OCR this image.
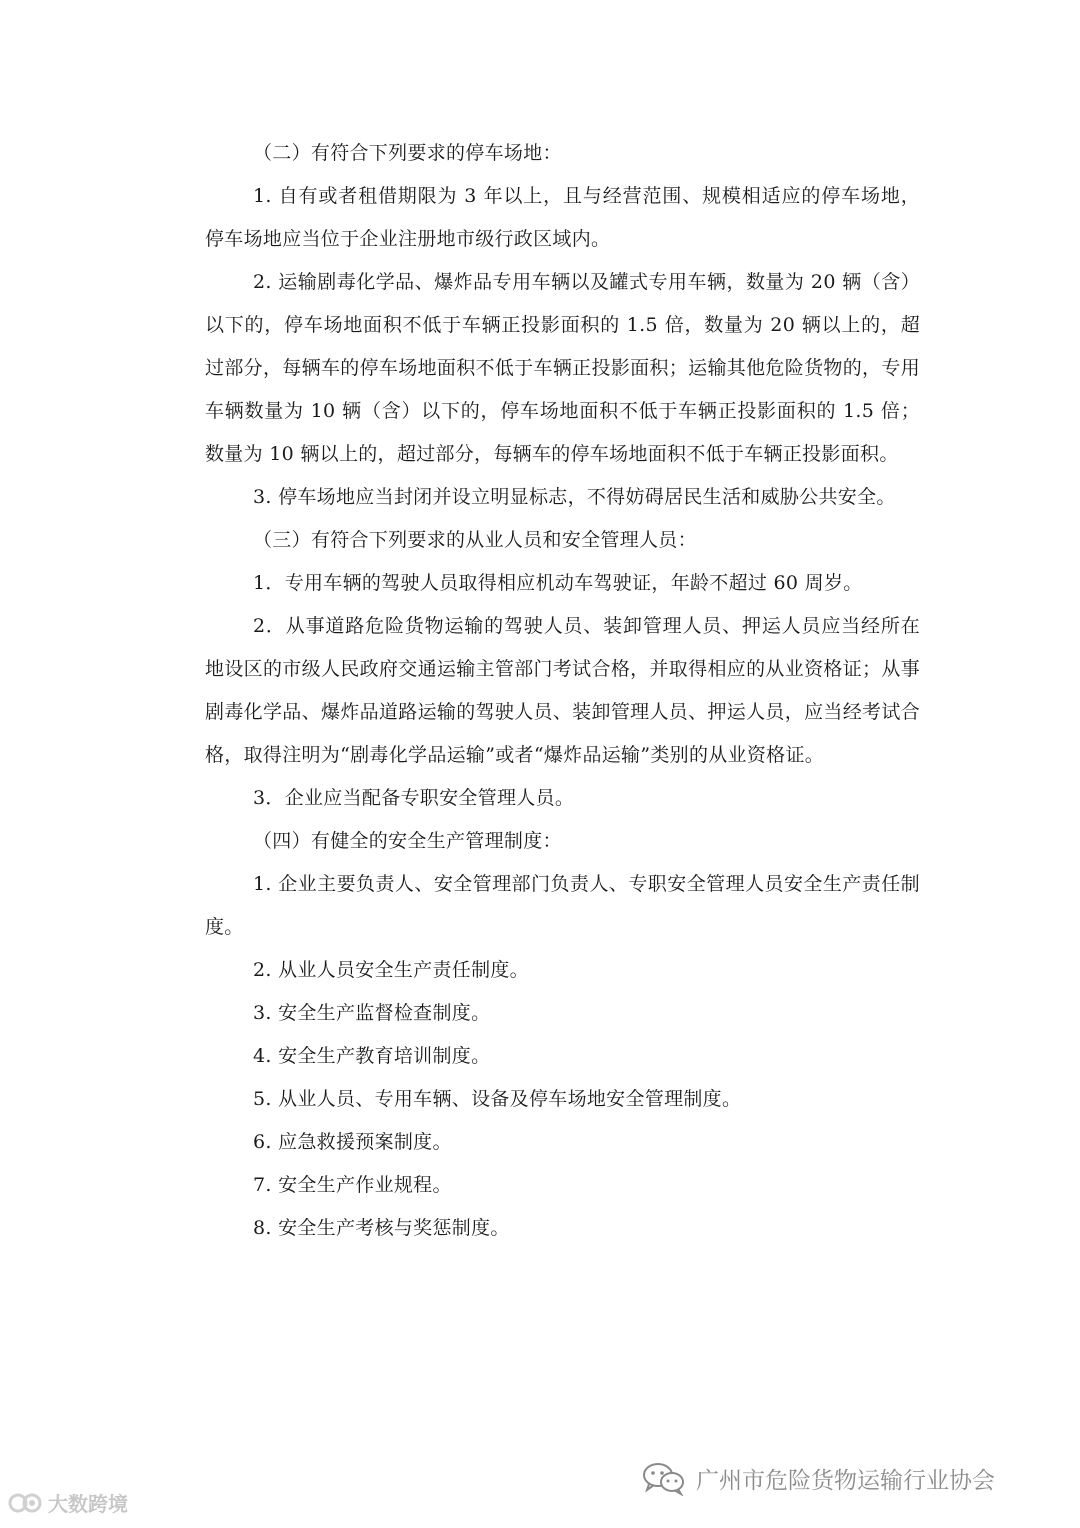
（二）有符合下列要求的停车场地：

1. 自有或者租借期限为 3 年以上，且与经营范围、规模相适应的停车场地，停车场地应当位于企业注册地市级行政区域内。

2. 运输剧毒化学品、爆炸品专用车辆以及罐式专用车辆，数量为 20 辆（含）以下的，停车场地面积不低于车辆正投影面积的 1.5 倍，数量为 20 辆以上的，超过部分，每辆车的停车场地面积不低于车辆正投影面积；运输其他危险货物的，专用车辆数量为 10 辆（含）以下的，停车场地面积不低于车辆正投影面积的 1.5 倍；数量为 10 辆以上的，超过部分，每辆车的停车场地面积不低于车辆正投影面积。

3. 停车场地应当封闭并设立明显标志，不得妨碍居民生活和威胁公共安全。

（三）有符合下列要求的从业人员和安全管理人员：

1．专用车辆的驾驶人员取得相应机动车驾驶证，年龄不超过 60 周岁。

2．从事道路危险货物运输的驾驶人员、装卸管理人员、押运人员应当经所在地设区的市级人民政府交通运输主管部门考试合格，并取得相应的从业资格证；从事剧毒化学品、爆炸品道路运输的驾驶人员、装卸管理人员、押运人员，应当经考试合格，取得注明为“剧毒化学品运输”或者“爆炸品运输”类别的从业资格证。

3．企业应当配备专职安全管理人员。

（四）有健全的安全生产管理制度：

1. 企业主要负责人、安全管理部门负责人、专职安全管理人员安全生产责任制度。

2. 从业人员安全生产责任制度。

3. 安全生产监督检查制度。

4. 安全生产教育培训制度。

5. 从业人员、专用车辆、设备及停车场地安全管理制度。

6. 应急救援预案制度。

7. 安全生产作业规程。

8. 安全生产考核与奖惩制度。

广州市危险货物运输行业协会
大数跨境
